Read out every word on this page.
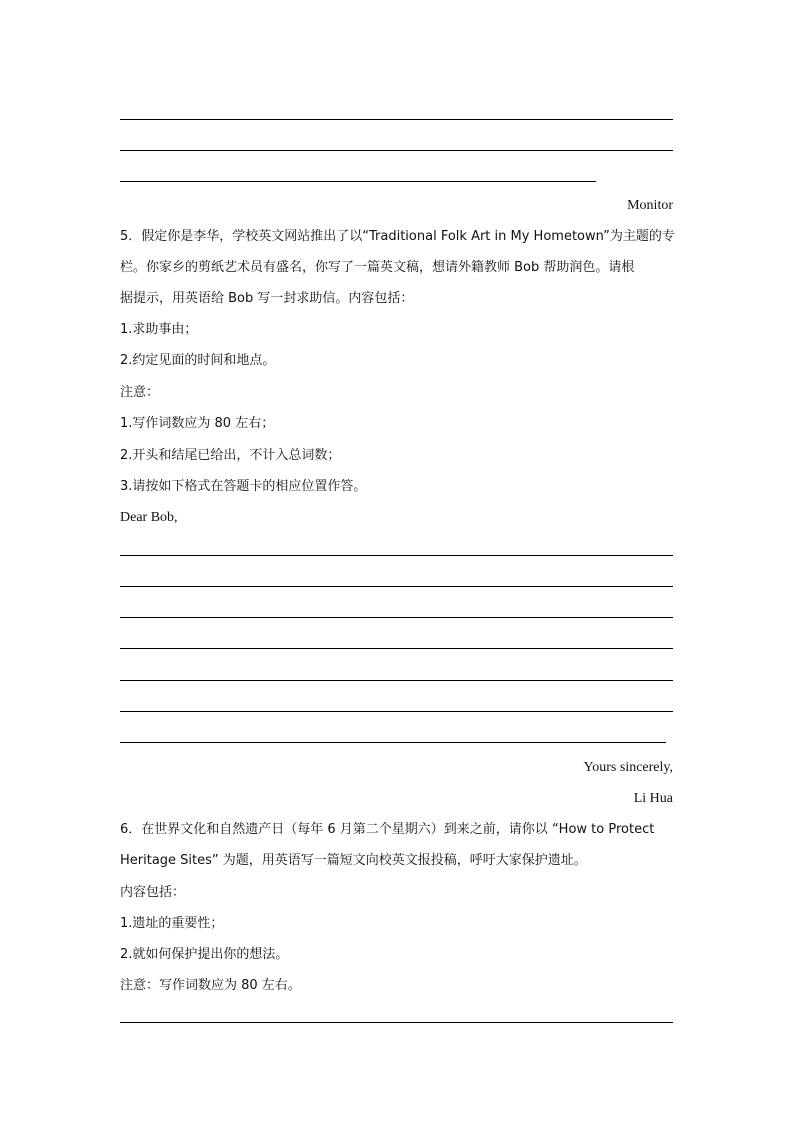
Monitor
5．假定你是李华，学校英文网站推出了以“Traditional Folk Art in My Hometown”为主题的专
栏。你家乡的剪纸艺术员有盛名，你写了一篇英文稿，想请外籍教师 Bob 帮助润色。请根
据提示，用英语给 Bob 写一封求助信。内容包括：
1.求助事由；
2.约定见面的时间和地点。
注意：
1.写作词数应为 80 左右；
2.开头和结尾已给出，不计入总词数；
3.请按如下格式在答题卡的相应位置作答。
Dear Bob,
Yours sincerely,
Li Hua
6．在世界文化和自然遗产日（每年 6 月第二个星期六）到来之前，请你以 “How to Protect
Heritage Sites” 为题，用英语写一篇短文向校英文报投稿，呼吁大家保护遗址。
内容包括：
1.遗址的重要性；
2.就如何保护提出你的想法。
注意：写作词数应为 80 左右。
